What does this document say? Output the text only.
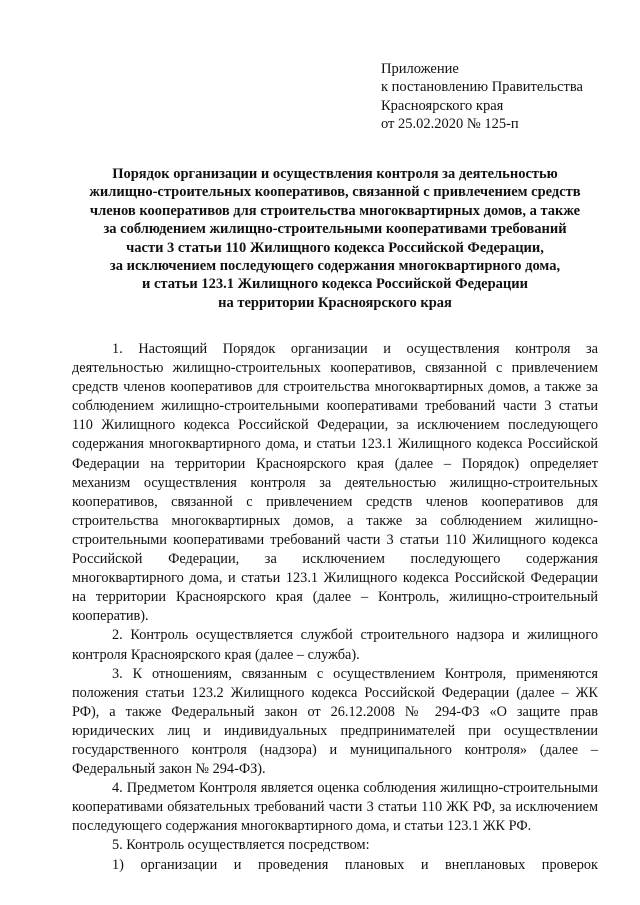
Приложение
к постановлению Правительства
Красноярского края
от 25.02.2020 № 125-п
Порядок организации и осуществления контроля за деятельностью
жилищно-строительных кооперативов, связанной с привлечением средств
членов кооперативов для строительства многоквартирных домов, а также
за соблюдением жилищно-строительными кооперативами требований
части 3 статьи 110 Жилищного кодекса Российской Федерации,
за исключением последующего содержания многоквартирного дома,
и статьи 123.1 Жилищного кодекса Российской Федерации
на территории Красноярского края

1. Настоящий Порядок организации и осуществления контроля за деятельностью жилищно-строительных кооперативов, связанной с привлечением средств членов кооперативов для строительства многоквартирных домов, а также за соблюдением жилищно-строительными кооперативами требований части 3 статьи 110 Жилищного кодекса Российской Федерации, за исключением последующего содержания многоквартирного дома, и статьи 123.1 Жилищного кодекса Российской Федерации на территории Красноярского края (далее – Порядок) определяет механизм осуществления контроля за деятельностью жилищно-строительных кооперативов, связанной с привлечением средств членов кооперативов для строительства многоквартирных домов, а также за соблюдением жилищно-строительными кооперативами требований части 3 статьи 110 Жилищного кодекса Российской Федерации, за исключением последующего содержания многоквартирного дома, и статьи 123.1 Жилищного кодекса Российской Федерации на территории Красноярского края (далее – Контроль, жилищно-строительный кооператив).

2. Контроль осуществляется службой строительного надзора и жилищного контроля Красноярского края (далее – служба).

3. К отношениям, связанным с осуществлением Контроля, применяются положения статьи 123.2 Жилищного кодекса Российской Федерации (далее – ЖК РФ), а также Федеральный закон от 26.12.2008 № 294-ФЗ «О защите прав юридических лиц и индивидуальных предпринимателей при осуществлении государственного контроля (надзора) и муниципального контроля» (далее – Федеральный закон № 294-ФЗ).

4. Предметом Контроля является оценка соблюдения жилищно-строительными кооперативами обязательных требований части 3 статьи 110 ЖК РФ, за исключением последующего содержания многоквартирного дома, и статьи 123.1 ЖК РФ.

5. Контроль осуществляется посредством:

1) организации и проведения плановых и внеплановых проверок
